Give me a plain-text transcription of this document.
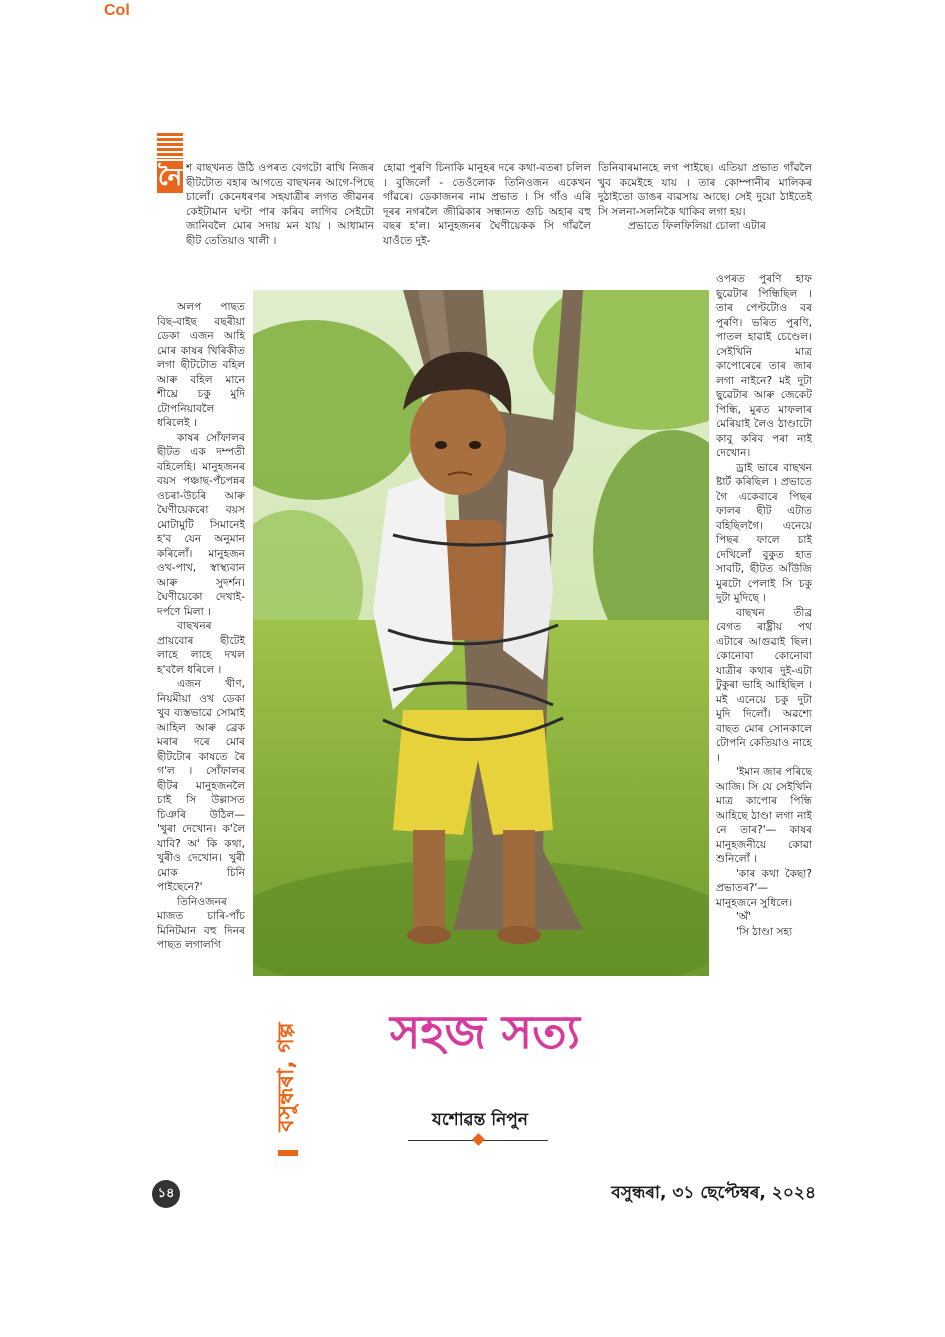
Col
নৈ শ বাছখনত উঠি ওপৰত বেগটো ৰাখি নিজৰ ছীটটোত বহাৰ আগতে বাছখনৰ আগে-পিছে চালোঁ। কেনেধৰণৰ সহযাত্ৰীৰ লগত জীৱনৰ কেইটামান ঘণ্টা পাৰ কৰিব লাগিব সেইটো জানিবলৈ মোৰ সদায় মন যায় । আধামান ছীট তেতিয়াও খালী ।

অলপ পাছত বিছ-বাইছ বছৰীয়া ডেকা এজন আহি মোৰ কাষৰ খিৰিকীত লগা ছীটটোত বহিল আৰু বহিল মানে শীঘ্ৰে চকু মুদি টোপনিয়াবলৈ ধৰিলেই ।

কাষৰ সোঁফালৰ ছীটত এক দম্পতী বহিলেহি। মানুহজনৰ বয়স পঞ্চাছ-পঁচপন্নৰ ওচৰা-উচৰি আৰু ঘৈণীয়েকৰো বয়স মোটামুটি সিমানেই হ'ব যেন অনুমান কৰিলোঁ। মানুহজন ওখ-পাখ, স্বাস্থ্যবান আৰু সুদৰ্শন। ঘৈণীয়েকো দেখাই-দৰ্পণে মিলা ।

বাছখনৰ প্ৰায়বোৰ ছীটেই লাহে লাহে দখল হ'বলৈ ধৰিলে ।

এজন খীণ, নিয়মীয়া ওখ ডেকা খুব ব্যস্তভাৱে সোমাই আহিল আৰু ব্ৰেক মৰাৰ দৰে মোৰ ছীটটোৰ কাষতে ৰৈ গ'ল । সোঁফালৰ ছীটৰ মানুহজনলৈ চাই সি উল্লাসত চিঞৰি উঠিল— 'খুৰা দেখোন। ক'লৈ যাবি? অ' কি কথা, খুৰীও দেখোন। খুৰী মোক চিনি পাইছেনে?'

তিনিওজনৰ মাজত চাৰি-পাঁচ মিনিটমান বহু দিনৰ পাছত লগালগি

হোৱা পুৰণি চিনাকি মানুহৰ দৰে কথা-বতৰা চলিল । বুজিলোঁ - তেওঁলোক তিনিওজন একেখন গাঁৱৰে। ডেকাজনৰ নাম প্ৰভাত । সি গাঁও এৰি দূৰৰ নগৰলৈ জীৱিকাৰ সন্ধানত গুচি অহাৰ বহু বছৰ হ'ল। মানুহজনৰ ঘৈণীয়েকক সি গাঁৱলৈ যাওঁতে দুই-

তিনিবাৰমানহে লগ পাইছে। এতিয়া প্ৰভাত গাঁৱলৈ খুব কমেইহে যায় । তাৰ কোম্পানীৰ মালিকৰ দুঠাইতো ডাঙৰ ব্যৱসায় আছে। সেই দুয়ো ঠাইতেই সি সলনা-সলনিকৈ থাকিব লগা হয়।

প্ৰভাতে ফিলফিলিয়া চোলা এটাৰ

ওপৰত পুৰণি হাফ ছুৱেটাৰ পিন্ধিছিল । তাৰ পেণ্টটোও বৰ পুৰণি। ভৰিত পুৰণি, পাতল হাৱাই চেণ্ডেল। সেইখিনি মাত্ৰ কাপোৰেৰে তাৰ জাৰ লগা নাইনে? মই দুটা ছুৱেটাৰ আৰু জেকেট পিন্ধি, মুৰত মাফলাৰ মেৰিয়াই লৈও ঠাণ্ডাটো কাবু কৰিব পৰা নাই দেখোন।

ড্ৰাই ভাৰে বাছখন ষ্টাৰ্ট কৰিছিল । প্ৰভাতে গৈ একেবাৰে পিছৰ ফালৰ ছীট এটাত বহিছিলগৈ। এনেয়ে পিছৰ ফালে চাই দেখিলোঁ বুকুত হাত সাবটি, ছীটত আঁউজি মুৰটো পেলাই সি চকু দুটা মুদিছে ।

বাছখন তীব্ৰ বেগত ৰাষ্ট্ৰীয় পথ এটাৰে আগুৱাই ছিল। কোনোবা কোনোবা যাত্ৰীৰ কথাৰ দুই-এটা টুকুৰা ভাহি আহিছিল । মই এনেয়ে চকু দুটা মুদি দিলোঁ। অৱশ্যে বাছত মোৰ সোনকালে টোপনি কেতিয়াও নাহে ।

'ইমান জাৰ পৰিছে আজি। সি যে সেইখিনি মাত্ৰ কাপোৰ পিন্ধি আহিছে ঠাণ্ডা লগা নাই নে তাৰ?'— কাষৰ মানুহজনীয়ে কোৱা শুনিলোঁ ।

'কাৰ কথা কৈছা? প্ৰভাতৰ?'— মানুহজনে সুধিলে।

'অঁ'

'সি ঠাণ্ডা সহ্য

বসুন্ধৰা, গল্প	সহজ সত্য
যশোৱন্ত নিপুন
১৪	বসুন্ধৰা, ৩১ ছেপ্টেম্বৰ, ২০২৪
